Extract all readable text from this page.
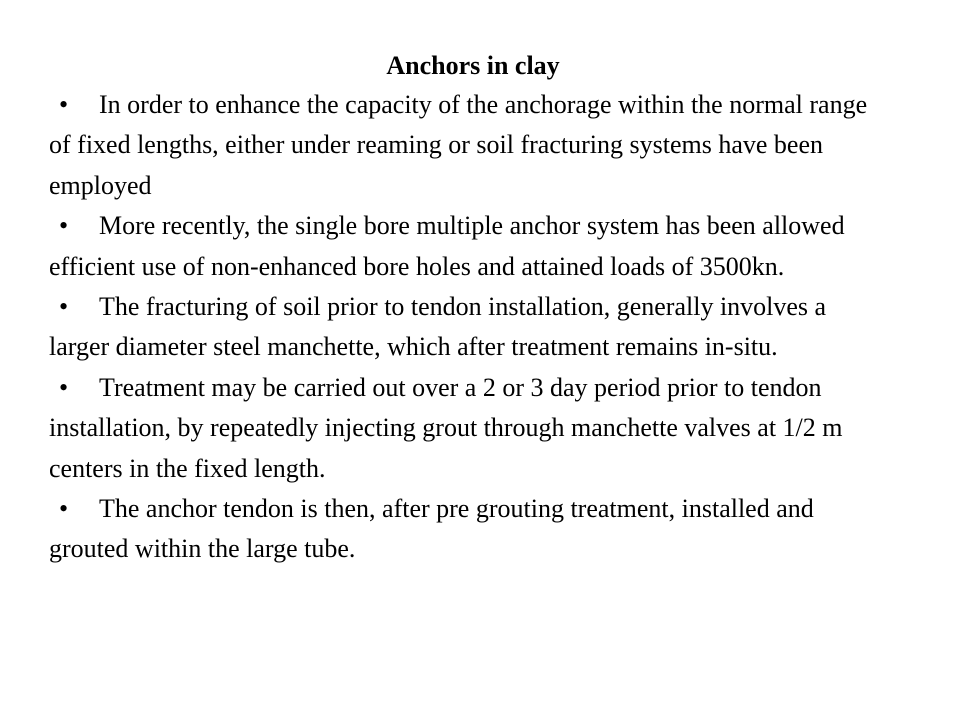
Anchors in clay

• In order to enhance the capacity of the anchorage within the normal range of fixed lengths, either under reaming or soil fracturing systems have been employed

• More recently, the single bore multiple anchor system has been allowed efficient use of non-enhanced bore holes and attained loads of 3500kn.

• The fracturing of soil prior to tendon installation, generally involves a larger diameter steel manchette, which after treatment remains in-situ.

• Treatment may be carried out over a 2 or 3 day period prior to tendon installation, by repeatedly injecting grout through manchette valves at 1/2 m centers in the fixed length.

• The anchor tendon is then, after pre grouting treatment, installed and grouted within the large tube.
